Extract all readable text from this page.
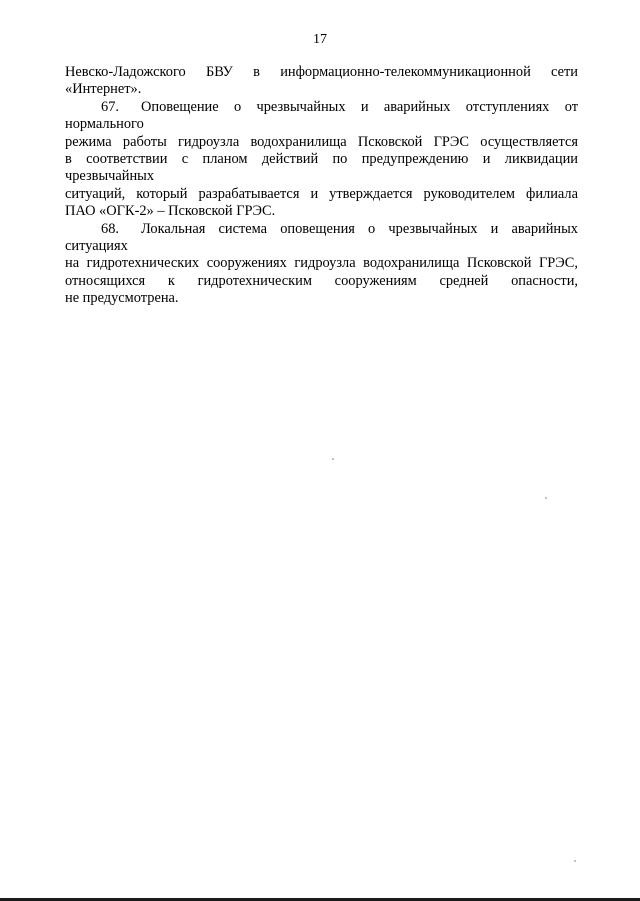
17

Невско-Ладожского БВУ в информационно-телекоммуникационной сети
«Интернет».

67. Оповещение о чрезвычайных и аварийных отступлениях от нормального
режима работы гидроузла водохранилища Псковской ГРЭС осуществляется
в соответствии с планом действий по предупреждению и ликвидации чрезвычайных
ситуаций, который разрабатывается и утверждается руководителем филиала
ПАО «ОГК-2» – Псковской ГРЭС.

68. Локальная система оповещения о чрезвычайных и аварийных ситуациях
на гидротехнических сооружениях гидроузла водохранилища Псковской ГРЭС,
относящихся к гидротехническим сооружениям средней опасности,
не предусмотрена.
